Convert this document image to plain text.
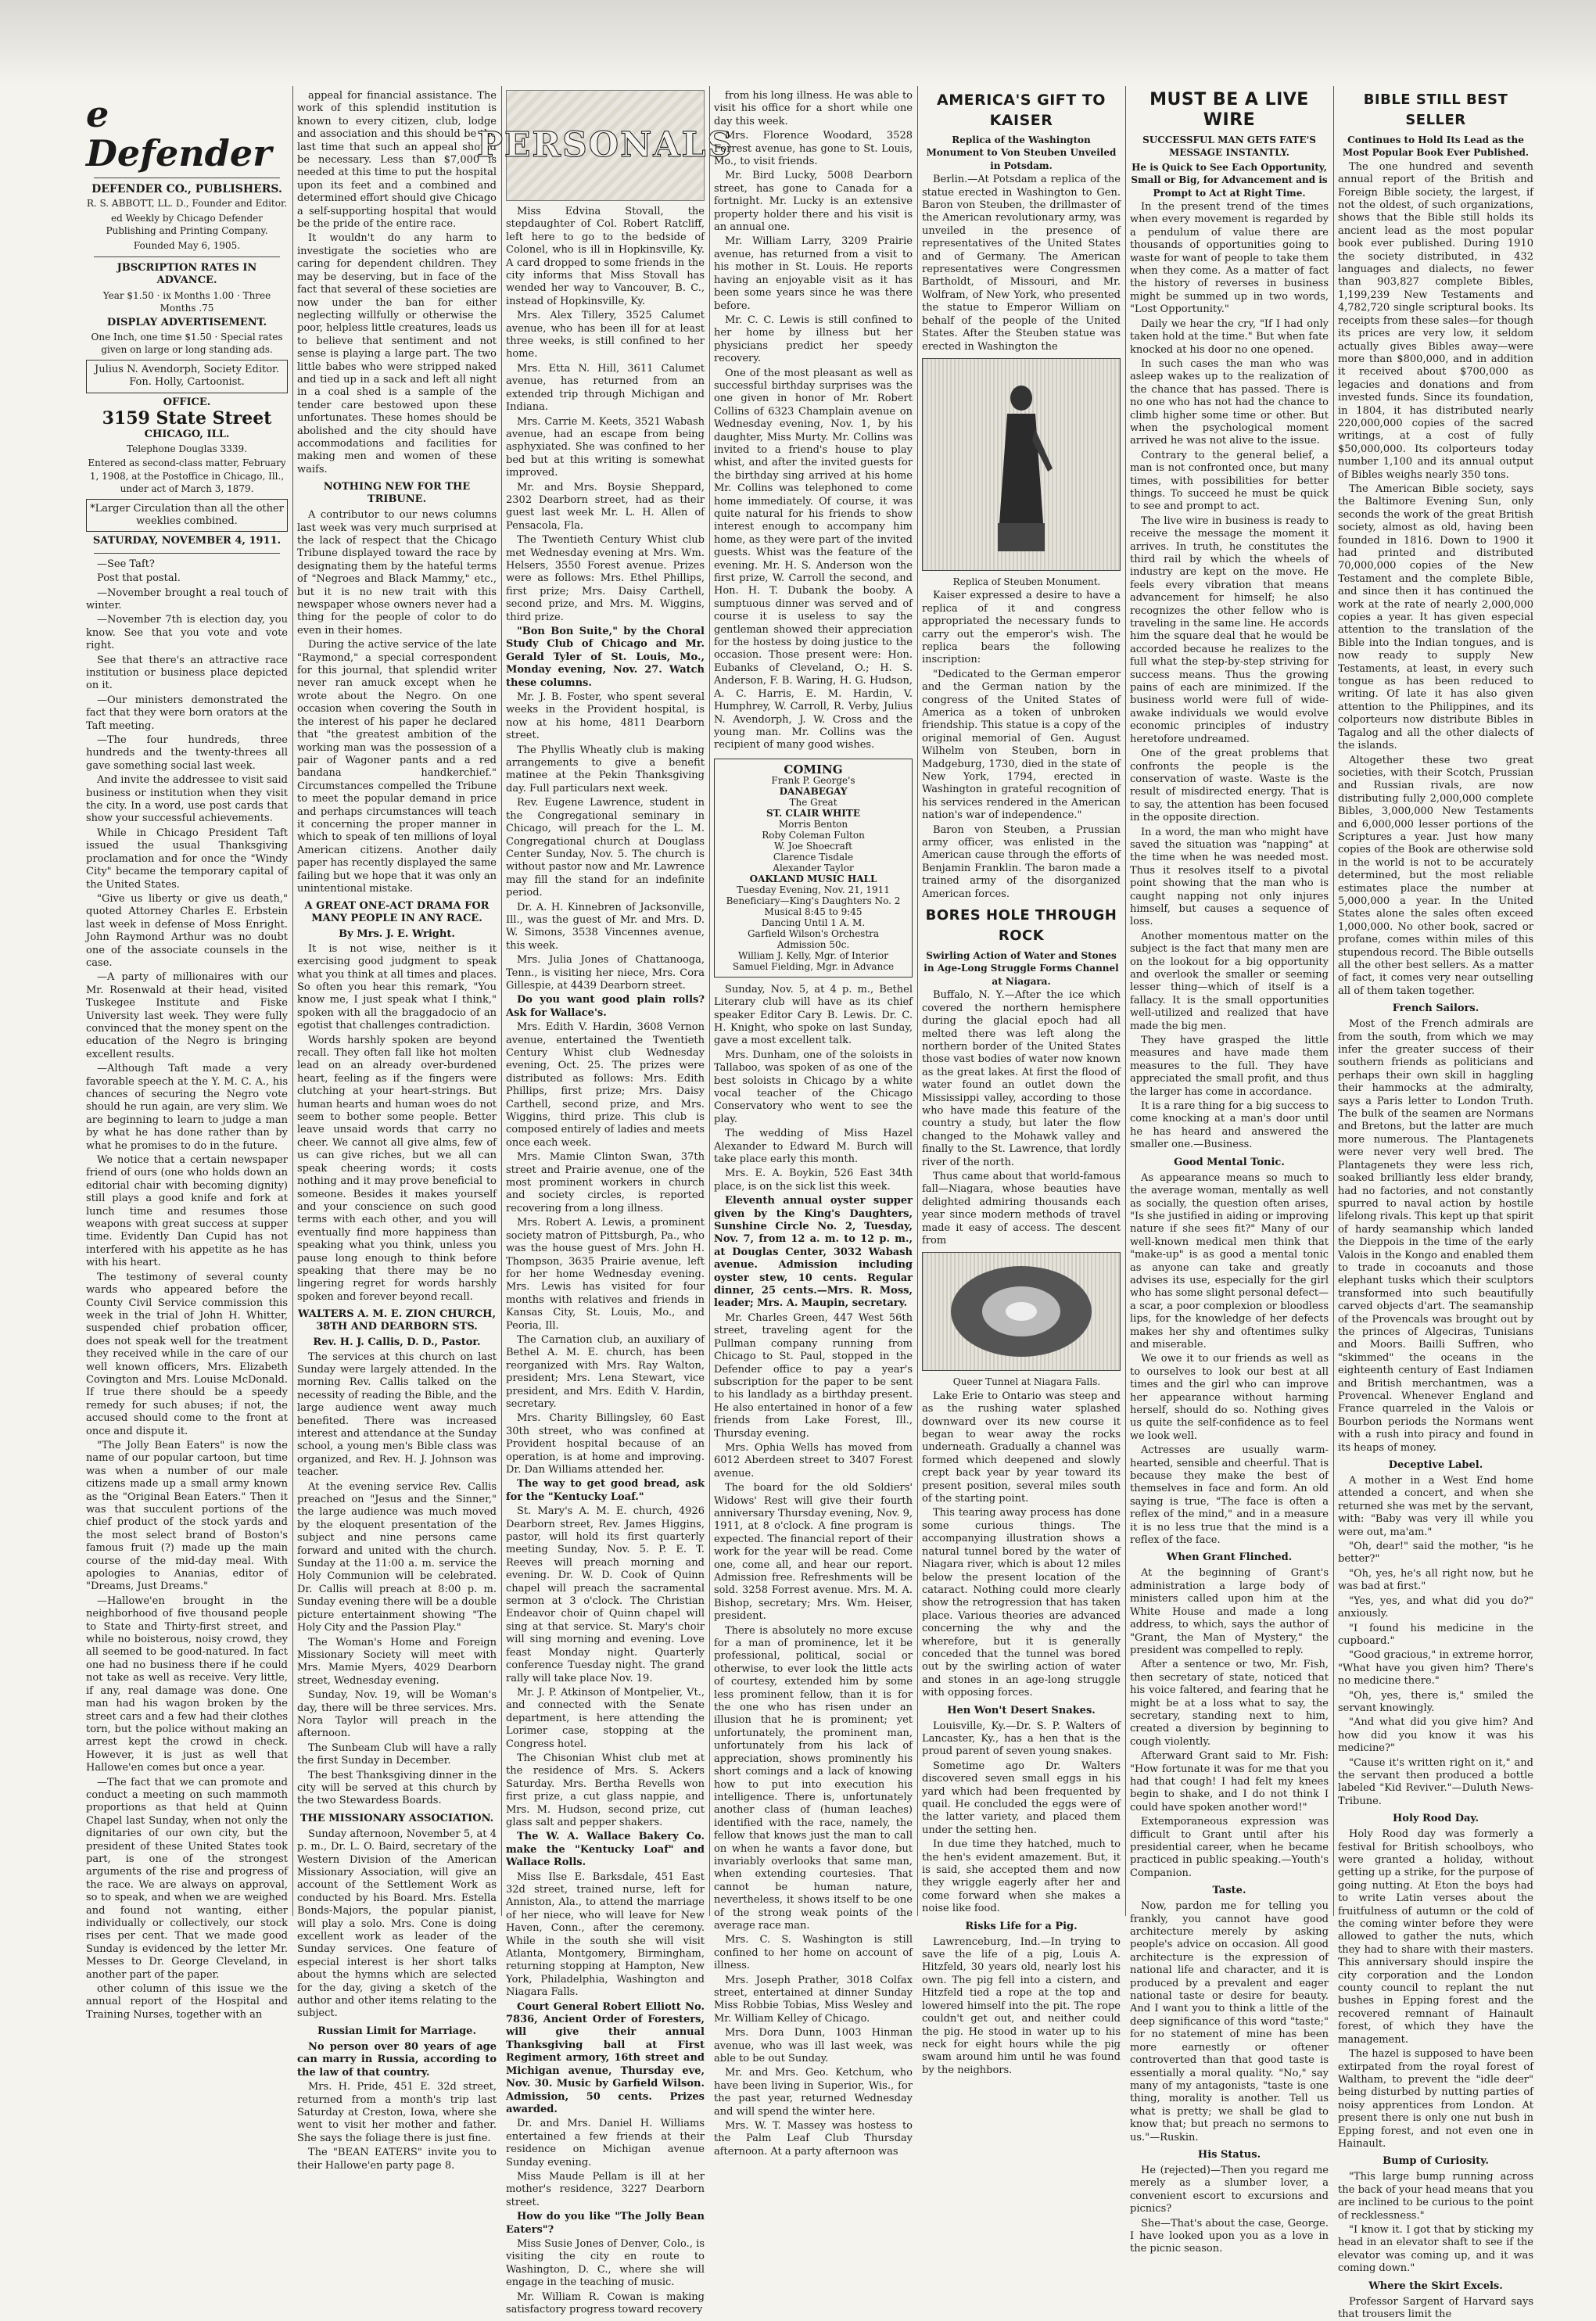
e Defender

DEFENDER CO., PUBLISHERS.

R. S. ABBOTT, LL. D., Founder and Editor.

ed Weekly by Chicago Defender Publishing and Printing Company.

Founded May 6, 1905.

JBSCRIPTION RATES IN ADVANCE.

Year $1.50 · ix Months 1.00 · Three Months .75

DISPLAY ADVERTISEMENT.

One Inch, one time $1.50 · Special rates given on large or long standing ads.

Julius N. Avendorph, Society Editor. Fon. Holly, Cartoonist.

OFFICE.

3159 State Street

CHICAGO, ILL.

Telephone Douglas 3339.

Entered as second-class matter, February 1, 1908, at the Postoffice in Chicago, Ill., under act of March 3, 1879.

*Larger Circulation than all the other weeklies combined.

SATURDAY, NOVEMBER 4, 1911.

—See Taft?

Post that postal.

—November brought a real touch of winter.

—November 7th is election day, you know. See that you vote and vote right.

See that there's an attractive race institution or business place depicted on it.

—Our ministers demonstrated the fact that they were born orators at the Taft meeting.

—The four hundreds, three hundreds and the twenty-threes all gave something social last week.

And invite the addressee to visit said business or institution when they visit the city. In a word, use post cards that show your successful achievements.

While in Chicago President Taft issued the usual Thanksgiving proclamation and for once the "Windy City" became the temporary capital of the United States.

"Give us liberty or give us death," quoted Attorney Charles E. Erbstein last week in defense of Moss Enright. John Raymond Arthur was no doubt one of the associate counsels in the case.

—A party of millionaires with our Mr. Rosenwald at their head, visited Tuskegee Institute and Fiske University last week. They were fully convinced that the money spent on the education of the Negro is bringing excellent results.

—Although Taft made a very favorable speech at the Y. M. C. A., his chances of securing the Negro vote should he run again, are very slim. We are beginning to learn to judge a man by what he has done rather than by what he promises to do in the future.

We notice that a certain newspaper friend of ours (one who holds down an editorial chair with becoming dignity) still plays a good knife and fork at lunch time and resumes those weapons with great success at supper time. Evidently Dan Cupid has not interfered with his appetite as he has with his heart.

The testimony of several county wards who appeared before the County Civil Service commission this week in the trial of John H. Whitter, suspended chief probation officer, does not speak well for the treatment they received while in the care of our well known officers, Mrs. Elizabeth Covington and Mrs. Louise McDonald. If true there should be a speedy remedy for such abuses; if not, the accused should come to the front at once and dispute it.

"The Jolly Bean Eaters" is now the name of our popular cartoon, but time was when a number of our male citizens made up a small army known as the "Original Bean Eaters." Then it was that succulent portions of the chief product of the stock yards and the most select brand of Boston's famous fruit (?) made up the main course of the mid-day meal. With apologies to Ananias, editor of "Dreams, Just Dreams."

—Hallowe'en brought in the neighborhood of five thousand people to State and Thirty-first street, and while no boisterous, noisy crowd, they all seemed to be good-natured. In fact one had no business there if he could not take as well as receive. Very little, if any, real damage was done. One man had his wagon broken by the street cars and a few had their clothes torn, but the police without making an arrest kept the crowd in check. However, it is just as well that Hallowe'en comes but once a year.

—The fact that we can promote and conduct a meeting on such mammoth proportions as that held at Quinn Chapel last Sunday, when not only the dignitaries of our own city, but the president of these United States took part, is one of the strongest arguments of the rise and progress of the race. We are always on approval, so to speak, and when we are weighed and found not wanting, either individually or collectively, our stock rises per cent. That we made good Sunday is evidenced by the letter Mr. Messes to Dr. George Cleveland, in another part of the paper.

other column of this issue we the annual report of the Hospital and Training Nurses, together with an

appeal for financial assistance. The work of this splendid institution is known to every citizen, club, lodge and association and this should be the last time that such an appeal should be necessary. Less than $7,000 is needed at this time to put the hospital upon its feet and a combined and determined effort should give Chicago a self-supporting hospital that would be the pride of the entire race.

It wouldn't do any harm to investigate the societies who are caring for dependent children. They may be deserving, but in face of the fact that several of these societies are now under the ban for either neglecting willfully or otherwise the poor, helpless little creatures, leads us to believe that sentiment and not sense is playing a large part. The two little babes who were stripped naked and tied up in a sack and left all night in a coal shed is a sample of the tender care bestowed upon these unfortunates. These homes should be abolished and the city should have accommodations and facilities for making men and women of these waifs.

NOTHING NEW FOR THE TRIBUNE.

A contributor to our news columns last week was very much surprised at the lack of respect that the Chicago Tribune displayed toward the race by designating them by the hateful terms of "Negroes and Black Mammy," etc., but it is no new trait with this newspaper whose owners never had a thing for the people of color to do even in their homes.

During the active service of the late "Raymond," a special correspondent for this journal, that splendid writer never ran amuck except when he wrote about the Negro. On one occasion when covering the South in the interest of his paper he declared that "the greatest ambition of the working man was the possession of a pair of Wagoner pants and a red bandana handkerchief." Circumstances compelled the Tribune to meet the popular demand in price and perhaps circumstances will teach it concerning the proper manner in which to speak of ten millions of loyal American citizens. Another daily paper has recently displayed the same failing but we hope that it was only an unintentional mistake.

A GREAT ONE-ACT DRAMA FOR MANY PEOPLE IN ANY RACE.

By Mrs. J. E. Wright.

It is not wise, neither is it exercising good judgment to speak what you think at all times and places. So often you hear this remark, "You know me, I just speak what I think," spoken with all the braggadocio of an egotist that challenges contradiction.

Words harshly spoken are beyond recall. They often fall like hot molten lead on an already over-burdened heart, feeling as if the fingers were clutching at your heart-strings. But human hearts and human woes do not seem to bother some people. Better leave unsaid words that carry no cheer. We cannot all give alms, few of us can give riches, but we all can speak cheering words; it costs nothing and it may prove beneficial to someone. Besides it makes yourself and your conscience on such good terms with each other, and you will eventually find more happiness than speaking what you think, unless you pause long enough to think before speaking that there may be no lingering regret for words harshly spoken and forever beyond recall.

WALTERS A. M. E. ZION CHURCH, 38TH AND DEARBORN STS.

Rev. H. J. Callis, D. D., Pastor.

The services at this church on last Sunday were largely attended. In the morning Rev. Callis talked on the necessity of reading the Bible, and the large audience went away much benefited. There was increased interest and attendance at the Sunday school, a young men's Bible class was organized, and Rev. H. J. Johnson was teacher.

At the evening service Rev. Callis preached on "Jesus and the Sinner," the large audience was much moved by the eloquent presentation of the subject and nine persons came forward and united with the church. Sunday at the 11:00 a. m. service the Holy Communion will be celebrated. Dr. Callis will preach at 8:00 p. m. Sunday evening there will be a double picture entertainment showing "The Holy City and the Passion Play."

The Woman's Home and Foreign Missionary Society will meet with Mrs. Mamie Myers, 4029 Dearborn street, Wednesday evening.

Sunday, Nov. 19, will be Woman's day, there will be three services. Mrs. Nora Taylor will preach in the afternoon.

The Sunbeam Club will have a rally the first Sunday in December.

The best Thanksgiving dinner in the city will be served at this church by the two Stewardess Boards.

THE MISSIONARY ASSOCIATION.

Sunday afternoon, November 5, at 4 p. m., Dr. L. O. Baird, secretary of the Western Division of the American Missionary Association, will give an account of the Settlement Work as conducted by his Board. Mrs. Estella Bonds-Majors, the popular pianist, will play a solo. Mrs. Cone is doing excellent work as leader of the Sunday services. One feature of especial interest is her short talks about the hymns which are selected for the day, giving a sketch of the author and other items relating to the subject.

Russian Limit for Marriage.

No person over 80 years of age can marry in Russia, according to the law of that country.

Mrs. H. Pride, 451 E. 32d street, returned from a month's trip last Saturday at Creston, Iowa, where she went to visit her mother and father. She says the foliage there is just fine.

The "BEAN EATERS" invite you to their Hallowe'en party page 8.

PERSONALS

Miss Edvina Stovall, the stepdaughter of Col. Robert Ratcliff, left here to go to the bedside of Colonel, who is ill in Hopkinsville, Ky. A card dropped to some friends in the city informs that Miss Stovall has wended her way to Vancouver, B. C., instead of Hopkinsville, Ky.

Mrs. Alex Tillery, 3525 Calumet avenue, who has been ill for at least three weeks, is still confined to her home.

Mrs. Etta N. Hill, 3611 Calumet avenue, has returned from an extended trip through Michigan and Indiana.

Mrs. Carrie M. Keets, 3521 Wabash avenue, had an escape from being asphyxiated. She was confined to her bed but at this writing is somewhat improved.

Mr. and Mrs. Boysie Sheppard, 2302 Dearborn street, had as their guest last week Mr. L. H. Allen of Pensacola, Fla.

The Twentieth Century Whist club met Wednesday evening at Mrs. Wm. Helsers, 3550 Forest avenue. Prizes were as follows: Mrs. Ethel Phillips, first prize; Mrs. Daisy Carthell, second prize, and Mrs. M. Wiggins, third prize.

"Bon Bon Suite," by the Choral Study Club of Chicago and Mr. Gerald Tyler of St. Louis, Mo., Monday evening, Nov. 27. Watch these columns.

Mr. J. B. Foster, who spent several weeks in the Provident hospital, is now at his home, 4811 Dearborn street.

The Phyllis Wheatly club is making arrangements to give a benefit matinee at the Pekin Thanksgiving day. Full particulars next week.

Rev. Eugene Lawrence, student in the Congregational seminary in Chicago, will preach for the L. M. Congregational church at Douglass Center Sunday, Nov. 5. The church is without pastor now and Mr. Lawrence may fill the stand for an indefinite period.

Dr. A. H. Kinnebren of Jacksonville, Ill., was the guest of Mr. and Mrs. D. W. Simons, 3538 Vincennes avenue, this week.

Mrs. Julia Jones of Chattanooga, Tenn., is visiting her niece, Mrs. Cora Gillespie, at 4439 Dearborn street.

Do you want good plain rolls? Ask for Wallace's.

Mrs. Edith V. Hardin, 3608 Vernon avenue, entertained the Twentieth Century Whist club Wednesday evening, Oct. 25. The prizes were distributed as follows: Mrs. Edith Phillips, first prize; Mrs. Daisy Carthell, second prize, and Mrs. Wiggins, third prize. This club is composed entirely of ladies and meets once each week.

Mrs. Mamie Clinton Swan, 37th street and Prairie avenue, one of the most prominent workers in church and society circles, is reported recovering from a long illness.

Mrs. Robert A. Lewis, a prominent society matron of Pittsburgh, Pa., who was the house guest of Mrs. John H. Thompson, 3635 Prairie avenue, left for her home Wednesday evening. Mrs. Lewis has visited for four months with relatives and friends in Kansas City, St. Louis, Mo., and Peoria, Ill.

The Carnation club, an auxiliary of Bethel A. M. E. church, has been reorganized with Mrs. Ray Walton, president; Mrs. Lena Stewart, vice president, and Mrs. Edith V. Hardin, secretary.

Mrs. Charity Billingsley, 60 East 30th street, who was confined at Provident hospital because of an operation, is at home and improving. Dr. Dan Williams attended her.

The way to get good bread, ask for the "Kentucky Loaf."

St. Mary's A. M. E. church, 4926 Dearborn street, Rev. James Higgins, pastor, will hold its first quarterly meeting Sunday, Nov. 5. P. E. T. Reeves will preach morning and evening. Dr. W. D. Cook of Quinn chapel will preach the sacramental sermon at 3 o'clock. The Christian Endeavor choir of Quinn chapel will sing at that service. St. Mary's choir will sing morning and evening. Love feast Monday night. Quarterly conference Tuesday night. The grand rally will take place Nov. 19.

Mr. J. P. Atkinson of Montpelier, Vt., and connected with the Senate department, is here attending the Lorimer case, stopping at the Congress hotel.

The Chisonian Whist club met at the residence of Mrs. S. Ackers Saturday. Mrs. Bertha Revells won first prize, a cut glass nappie, and Mrs. M. Hudson, second prize, cut glass salt and pepper shakers.

The W. A. Wallace Bakery Co. make the "Kentucky Loaf" and Wallace Rolls.

Miss Ilse E. Barksdale, 451 East 32d street, trained nurse, left for Anniston, Ala., to attend the marriage of her niece, who will leave for New Haven, Conn., after the ceremony. While in the south she will visit Atlanta, Montgomery, Birmingham, returning stopping at Hampton, New York, Philadelphia, Washington and Niagara Falls.

Court General Robert Elliott No. 7836, Ancient Order of Foresters, will give their annual Thanksgiving ball at First Regiment armory, 16th street and Michigan avenue, Thursday eve, Nov. 30. Music by Garfield Wilson. Admission, 50 cents. Prizes awarded.

Dr. and Mrs. Daniel H. Williams entertained a few friends at their residence on Michigan avenue Sunday evening.

Miss Maude Pellam is ill at her mother's residence, 3227 Dearborn street.

How do you like "The Jolly Bean Eaters"?

Miss Susie Jones of Denver, Colo., is visiting the city en route to Washington, D. C., where she will engage in the teaching of music.

Mr. William R. Cowan is making satisfactory progress toward recovery

from his long illness. He was able to visit his office for a short while one day this week.

Mrs. Florence Woodard, 3528 Forrest avenue, has gone to St. Louis, Mo., to visit friends.

Mr. Bird Lucky, 5008 Dearborn street, has gone to Canada for a fortnight. Mr. Lucky is an extensive property holder there and his visit is an annual one.

Mr. William Larry, 3209 Prairie avenue, has returned from a visit to his mother in St. Louis. He reports having an enjoyable visit as it has been some years since he was there before.

Mr. C. C. Lewis is still confined to her home by illness but her physicians predict her speedy recovery.

One of the most pleasant as well as successful birthday surprises was the one given in honor of Mr. Robert Collins of 6323 Champlain avenue on Wednesday evening, Nov. 1, by his daughter, Miss Murty. Mr. Collins was invited to a friend's house to play whist, and after the invited guests for the birthday sing arrived at his home Mr. Collins was telephoned to come home immediately. Of course, it was quite natural for his friends to show interest enough to accompany him home, as they were part of the invited guests. Whist was the feature of the evening. Mr. H. S. Anderson won the first prize, W. Carroll the second, and Hon. H. T. Dubank the booby. A sumptuous dinner was served and of course it is useless to say the gentleman showed their appreciation for the hostess by doing justice to the occasion. Those present were: Hon. Eubanks of Cleveland, O.; H. S. Anderson, F. B. Waring, H. G. Hudson, A. C. Harris, E. M. Hardin, V. Humphrey, W. Carroll, R. Verby, Julius N. Avendorph, J. W. Cross and the young man. Mr. Collins was the recipient of many good wishes.

COMING
Frank P. George's
DANABEGAY
The Great
ST. CLAIR WHITE
Morris Benton
Roby Coleman Fulton
W. Joe Shoecraft
Clarence Tisdale
Alexander Taylor
OAKLAND MUSIC HALL
Tuesday Evening, Nov. 21, 1911
Beneficiary—King's Daughters No. 2
Musical 8:45 to 9:45
Dancing Until 1 A. M.
Garfield Wilson's Orchestra
Admission 50c.
William J. Kelly, Mgr. of Interior
Samuel Fielding, Mgr. in Advance

Sunday, Nov. 5, at 4 p. m., Bethel Literary club will have as its chief speaker Editor Cary B. Lewis. Dr. C. H. Knight, who spoke on last Sunday, gave a most excellent talk.

Mrs. Dunham, one of the soloists in Tallaboo, was spoken of as one of the best soloists in Chicago by a white vocal teacher of the Chicago Conservatory who went to see the play.

The wedding of Miss Hazel Alexander to Edward M. Burch will take place early this month.

Mrs. E. A. Boykin, 526 East 34th place, is on the sick list this week.

Eleventh annual oyster supper given by the King's Daughters, Sunshine Circle No. 2, Tuesday, Nov. 7, from 12 a. m. to 12 p. m., at Douglas Center, 3032 Wabash avenue. Admission including oyster stew, 10 cents. Regular dinner, 25 cents.—Mrs. R. Moss, leader; Mrs. A. Maupin, secretary.

Mr. Charles Green, 447 West 56th street, traveling agent for the Pullman company running from Chicago to St. Paul, stopped in the Defender office to pay a year's subscription for the paper to be sent to his landlady as a birthday present. He also entertained in honor of a few friends from Lake Forest, Ill., Thursday evening.

Mrs. Ophia Wells has moved from 6012 Aberdeen street to 3407 Forest avenue.

The board for the old Soldiers' Widows' Rest will give their fourth anniversary Thursday evening, Nov. 9, 1911, at 8 o'clock. A fine program is expected. The financial report of their work for the year will be read. Come one, come all, and hear our report. Admission free. Refreshments will be sold. 3258 Forrest avenue. Mrs. M. A. Bishop, secretary; Mrs. Wm. Heiser, president.

There is absolutely no more excuse for a man of prominence, let it be professional, political, social or otherwise, to ever look the little acts of courtesy, extended him by some less prominent fellow, than it is for the one who has risen under an illusion that he is prominent; yet unfortunately, the prominent man, unfortunately from his lack of appreciation, shows prominently his short comings and a lack of knowing how to put into execution his intelligence. There is, unfortunately another class of (human leaches) identified with the race, namely, the fellow that knows just the man to call on when he wants a favor done, but invariably overlooks that same man, when extending courtesies. That cannot be human nature, nevertheless, it shows itself to be one of the strong weak points of the average race man.

Mrs. C. S. Washington is still confined to her home on account of illness.

Mrs. Joseph Prather, 3018 Colfax street, entertained at dinner Sunday Miss Robbie Tobias, Miss Wesley and Mr. William Kelley of Chicago.

Mrs. Dora Dunn, 1003 Hinman avenue, who was ill last week, was able to be out Sunday.

Mr. and Mrs. Geo. Ketchum, who have been living in Superior, Wis., for the past year, returned Wednesday and will spend the winter here.

Mrs. W. T. Massey was hostess to the Palm Leaf Club Thursday afternoon. At a party afternoon was

AMERICA'S GIFT TO KAISER

Replica of the Washington Monument to Von Steuben Unveiled in Potsdam.

Berlin.—At Potsdam a replica of the statue erected in Washington to Gen. Baron von Steuben, the drillmaster of the American revolutionary army, was unveiled in the presence of representatives of the United States and of Germany. The American representatives were Congressmen Bartholdt, of Missouri, and Mr. Wolfram, of New York, who presented the statue to Emperor William on behalf of the people of the United States. After the Steuben statue was erected in Washington the

Replica of Steuben Monument.

Kaiser expressed a desire to have a replica of it and congress appropriated the necessary funds to carry out the emperor's wish. The replica bears the following inscription:

"Dedicated to the German emperor and the German nation by the congress of the United States of America as a token of unbroken friendship. This statue is a copy of the original memorial of Gen. August Wilhelm von Steuben, born in Madgeburg, 1730, died in the state of New York, 1794, erected in Washington in grateful recognition of his services rendered in the American nation's war of independence."

Baron von Steuben, a Prussian army officer, was enlisted in the American cause through the efforts of Benjamin Franklin. The baron made a trained army of the disorganized American forces.

BORES HOLE THROUGH ROCK

Swirling Action of Water and Stones in Age-Long Struggle Forms Channel at Niagara.

Buffalo, N. Y.—After the ice which covered the northern hemisphere during the glacial epoch had all melted there was left along the northern border of the United States those vast bodies of water now known as the great lakes. At first the flood of water found an outlet down the Mississippi valley, according to those who have made this feature of the country a study, but later the flow changed to the Mohawk valley and finally to the St. Lawrence, that lordly river of the north.

Thus came about that world-famous fall—Niagara, whose beauties have delighted admiring thousands each year since modern methods of travel made it easy of access. The descent from

Queer Tunnel at Niagara Falls.

Lake Erie to Ontario was steep and as the rushing water splashed downward over its new course it began to wear away the rocks underneath. Gradually a channel was formed which deepened and slowly crept back year by year toward its present position, several miles south of the starting point.

This tearing away process has done some curious things. The accompanying illustration shows a natural tunnel bored by the water of Niagara river, which is about 12 miles below the present location of the cataract. Nothing could more clearly show the retrogression that has taken place. Various theories are advanced concerning the why and the wherefore, but it is generally conceded that the tunnel was bored out by the swirling action of water and stones in an age-long struggle with opposing forces.

Hen Won't Desert Snakes.

Louisville, Ky.—Dr. S. P. Walters of Lancaster, Ky., has a hen that is the proud parent of seven young snakes.

Sometime ago Dr. Walters discovered seven small eggs in his yard which had been frequented by quail. He concluded the eggs were of the latter variety, and placed them under the setting hen.

In due time they hatched, much to the hen's evident amazement. But, it is said, she accepted them and now they wriggle eagerly after her and come forward when she makes a noise like food.

Risks Life for a Pig.

Lawrenceburg, Ind.—In trying to save the life of a pig, Louis A. Hitzfeld, 30 years old, nearly lost his own. The pig fell into a cistern, and Hitzfeld tied a rope at the top and lowered himself into the pit. The rope couldn't get out, and neither could the pig. He stood in water up to his neck for eight hours while the pig swam around him until he was found by the neighbors.

MUST BE A LIVE WIRE

SUCCESSFUL MAN GETS FATE'S MESSAGE INSTANTLY.

He is Quick to See Each Opportunity, Small or Big, for Advancement and is Prompt to Act at Right Time.

In the present trend of the times when every movement is regarded by a pendulum of value there are thousands of opportunities going to waste for want of people to take them when they come. As a matter of fact the history of reverses in business might be summed up in two words, "Lost Opportunity."

Daily we hear the cry, "If I had only taken hold at the time." But when fate knocked at his door no one opened.

In such cases the man who was asleep wakes up to the realization of the chance that has passed. There is no one who has not had the chance to climb higher some time or other. But when the psychological moment arrived he was not alive to the issue.

Contrary to the general belief, a man is not confronted once, but many times, with possibilities for better things. To succeed he must be quick to see and prompt to act.

The live wire in business is ready to receive the message the moment it arrives. In truth, he constitutes the third rail by which the wheels of industry are kept on the move. He feels every vibration that means advancement for himself; he also recognizes the other fellow who is traveling in the same line. He accords him the square deal that he would be accorded because he realizes to the full what the step-by-step striving for success means. Thus the growing pains of each are minimized. If the business world were full of wide-awake individuals we would evolve economic principles of industry heretofore undreamed.

One of the great problems that confronts the people is the conservation of waste. Waste is the result of misdirected energy. That is to say, the attention has been focused in the opposite direction.

In a word, the man who might have saved the situation was "napping" at the time when he was needed most. Thus it resolves itself to a pivotal point showing that the man who is caught napping not only injures himself, but causes a sequence of loss.

Another momentous matter on the subject is the fact that many men are on the lookout for a big opportunity and overlook the smaller or seeming lesser thing—which of itself is a fallacy. It is the small opportunities well-utilized and realized that have made the big men.

They have grasped the little measures and have made them measures to the full. They have appreciated the small profit, and thus the larger has come in accordance.

It is a rare thing for a big success to come knocking at a man's door until he has heard and answered the smaller one.—Business.

Good Mental Tonic.

As appearance means so much to the average woman, mentally as well as socially, the question often arises, "Is she justified in aiding or improving nature if she sees fit?" Many of our well-known medical men think that "make-up" is as good a mental tonic as anyone can take and greatly advises its use, especially for the girl who has some slight personal defect—a scar, a poor complexion or bloodless lips, for the knowledge of her defects makes her shy and oftentimes sulky and miserable.

We owe it to our friends as well as to ourselves to look our best at all times and the girl who can improve her appearance without harming herself, should do so. Nothing gives us quite the self-confidence as to feel we look well.

Actresses are usually warm-hearted, sensible and cheerful. That is because they make the best of themselves in face and form. An old saying is true, "The face is often a reflex of the mind," and in a measure it is no less true that the mind is a reflex of the face.

When Grant Flinched.

At the beginning of Grant's administration a large body of ministers called upon him at the White House and made a long address, to which, says the author of "Grant, the Man of Mystery," the president was compelled to reply.

After a sentence or two, Mr. Fish, then secretary of state, noticed that his voice faltered, and fearing that he might be at a loss what to say, the secretary, standing next to him, created a diversion by beginning to cough violently.

Afterward Grant said to Mr. Fish: "How fortunate it was for me that you had that cough! I had felt my knees begin to shake, and I do not think I could have spoken another word!"

Extemporaneous expression was difficult to Grant until after his presidential career, when he became practiced in public speaking.—Youth's Companion.

Taste.

Now, pardon me for telling you frankly, you cannot have good architecture merely by asking people's advice on occasion. All good architecture is the expression of national life and character, and it is produced by a prevalent and eager national taste or desire for beauty. And I want you to think a little of the deep significance of this word "taste;" for no statement of mine has been more earnestly or oftener controverted than that good taste is essentially a moral quality. "No," say many of my antagonists, "taste is one thing, morality is another. Tell us what is pretty; we shall be glad to know that; but preach no sermons to us."—Ruskin.

His Status.

He (rejected)—Then you regard me merely as a slumber lover, a convenient escort to excursions and picnics?

She—That's about the case, George. I have looked upon you as a love in the picnic season.

BIBLE STILL BEST SELLER

Continues to Hold Its Lead as the Most Popular Book Ever Published.

The one hundred and seventh annual report of the British and Foreign Bible society, the largest, if not the oldest, of such organizations, shows that the Bible still holds its ancient lead as the most popular book ever published. During 1910 the society distributed, in 432 languages and dialects, no fewer than 903,827 complete Bibles, 1,199,239 New Testaments and 4,782,720 single scriptural books. Its receipts from these sales—for though its prices are very low, it seldom actually gives Bibles away—were more than $800,000, and in addition it received about $700,000 as legacies and donations and from invested funds. Since its foundation, in 1804, it has distributed nearly 220,000,000 copies of the sacred writings, at a cost of fully $50,000,000. Its colporteurs today number 1,100 and its annual output of Bibles weighs nearly 350 tons.

The American Bible society, says the Baltimore Evening Sun, only seconds the work of the great British society, almost as old, having been founded in 1816. Down to 1900 it had printed and distributed 70,000,000 copies of the New Testament and the complete Bible, and since then it has continued the work at the rate of nearly 2,000,000 copies a year. It has given especial attention to the translation of the Bible into the Indian tongues, and is now ready to supply New Testaments, at least, in every such tongue as has been reduced to writing. Of late it has also given attention to the Philippines, and its colporteurs now distribute Bibles in Tagalog and all the other dialects of the islands.

Altogether these two great societies, with their Scotch, Prussian and Russian rivals, are now distributing fully 2,000,000 complete Bibles, 3,000,000 New Testaments and 6,000,000 lesser portions of the Scriptures a year. Just how many copies of the Book are otherwise sold in the world is not to be accurately determined, but the most reliable estimates place the number at 5,000,000 a year. In the United States alone the sales often exceed 1,000,000. No other book, sacred or profane, comes within miles of this stupendous record. The Bible outsells all the other best sellers. As a matter of fact, it comes very near outselling all of them taken together.

French Sailors.

Most of the French admirals are from the south, from which we may infer the greater success of their southern friends as politicians and perhaps their own skill in haggling their hammocks at the admiralty, says a Paris letter to London Truth. The bulk of the seamen are Normans and Bretons, but the latter are much more numerous. The Plantagenets were never very well bred. The Plantagenets they were less rich, soaked brilliantly less elder brandy, had no factories, and not constantly spurred to naval action by hostile lifelong rivals. This kept up that spirit of hardy seamanship which landed the Dieppois in the time of the early Valois in the Kongo and enabled them to trade in cocoanuts and those elephant tusks which their sculptors transformed into such beautifully carved objects d'art. The seamanship of the Provencals was brought out by the princes of Algeciras, Tunisians and Moors. Bailli Suffren, who "skimmed" the oceans in the eighteenth century of East Indiamen and British merchantmen, was a Provencal. Whenever England and France quarreled in the Valois or Bourbon periods the Normans went with a rush into piracy and found in its heaps of money.

Deceptive Label.

A mother in a West End home attended a concert, and when she returned she was met by the servant, with: "Baby was very ill while you were out, ma'am."

"Oh, dear!" said the mother, "is he better?"

"Oh, yes, he's all right now, but he was bad at first."

"Yes, yes, and what did you do?" anxiously.

"I found his medicine in the cupboard."

"Good gracious," in extreme horror, "What have you given him? There's no medicine there."

"Oh, yes, there is," smiled the servant knowingly.

"And what did you give him? And how did you know it was his medicine?"

"Cause it's written right on it," and the servant then produced a bottle labeled "Kid Reviver."—Duluth News-Tribune.

Holy Rood Day.

Holy Rood day was formerly a festival for British schoolboys, who were granted a holiday, without getting up a strike, for the purpose of going nutting. At Eton the boys had to write Latin verses about the fruitfulness of autumn or the cold of the coming winter before they were allowed to gather the nuts, which they had to share with their masters. This anniversary should inspire the city corporation and the London county council to replant the nut bushes in Epping forest and the recovered remnant of Hainault forest, of which they have the management.

The hazel is supposed to have been extirpated from the royal forest of Waltham, to prevent the "idle deer" being disturbed by nutting parties of noisy apprentices from London. At present there is only one nut bush in Epping forest, and not even one in Hainault.

Bump of Curiosity.

"This large bump running across the back of your head means that you are inclined to be curious to the point of recklessness."

"I know it. I got that by sticking my head in an elevator shaft to see if the elevator was coming up, and it was coming down."

Where the Skirt Excels.

Professor Sargent of Harvard says that trousers limit the
